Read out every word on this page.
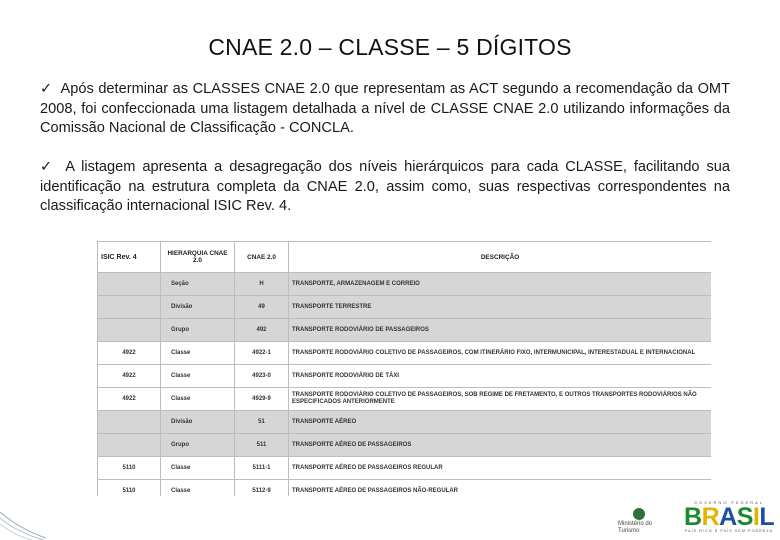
CNAE 2.0 – CLASSE – 5 DÍGITOS
✓ Após determinar as CLASSES CNAE 2.0 que representam as ACT segundo a recomendação da OMT 2008, foi confeccionada uma listagem detalhada a nível de CLASSE CNAE 2.0 utilizando informações da Comissão Nacional de Classificação - CONCLA.
✓ A listagem apresenta a desagregação dos níveis hierárquicos para cada CLASSE, facilitando sua identificação na estrutura completa da CNAE 2.0, assim como, suas respectivas correspondentes na classificação internacional ISIC Rev. 4.
ISIC Rev. 4	HIERARQUIA CNAE 2.0	CNAE 2.0	DESCRIÇÃO
	Seção	H	TRANSPORTE, ARMAZENAGEM E CORREIO
	Divisão	49	TRANSPORTE TERRESTRE
	Grupo	492	TRANSPORTE RODOVIÁRIO DE PASSAGEIROS
4922	Classe	4922-1	TRANSPORTE RODOVIÁRIO COLETIVO DE PASSAGEIROS, COM ITINERÁRIO FIXO, INTERMUNICIPAL, INTERESTADUAL E INTERNACIONAL
4922	Classe	4923-0	TRANSPORTE RODOVIÁRIO DE TÁXI
4922	Classe	4929-9	TRANSPORTE RODOVIÁRIO COLETIVO DE PASSAGEIROS, SOB REGIME DE FRETAMENTO, E OUTROS TRANSPORTES RODOVIÁRIOS NÃO ESPECIFICADOS ANTERIORMENTE
	Divisão	51	TRANSPORTE AÉREO
	Grupo	511	TRANSPORTE AÉREO DE PASSAGEIROS
5110	Classe	5111-1	TRANSPORTE AÉREO DE PASSAGEIROS REGULAR
5110	Classe	5112-9	TRANSPORTE AÉREO DE PASSAGEIROS NÃO-REGULAR
Ministério do Turismo
GOVERNO FEDERAL
BRASIL
PAÍS RICO É PAÍS SEM POBREZA
